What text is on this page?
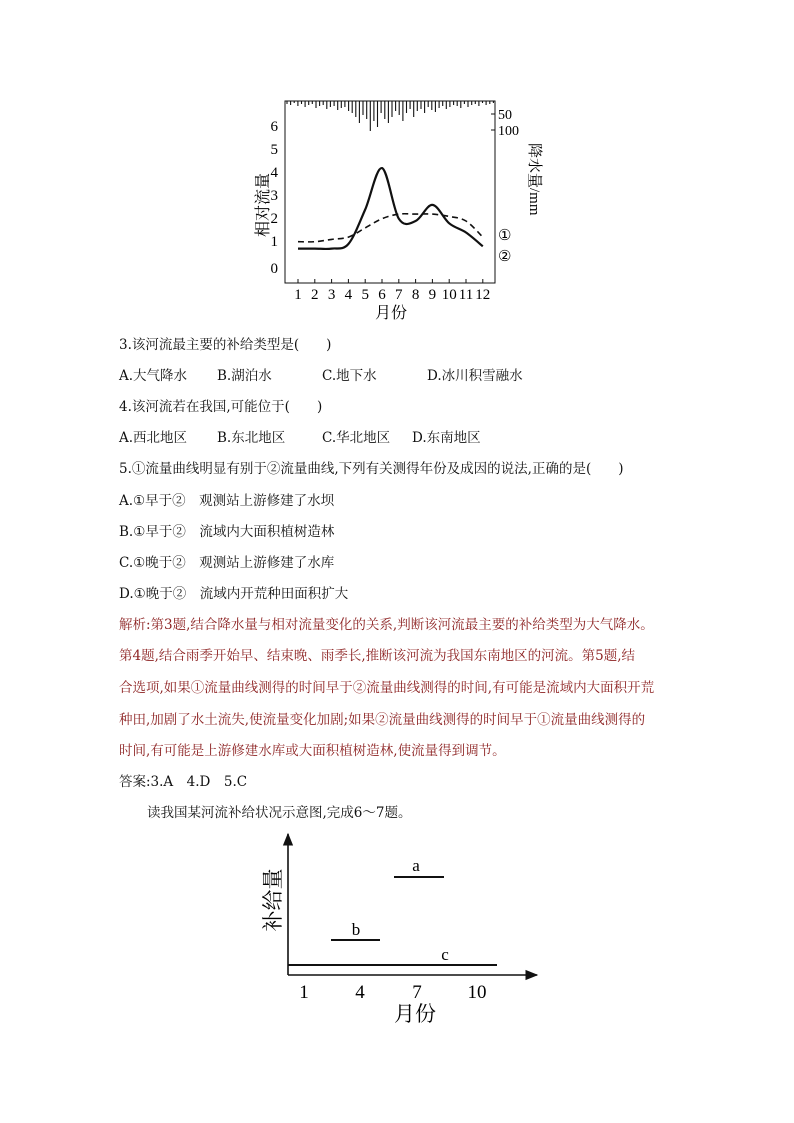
6
5
4
3
2
1
0
相对流量
50
100
降水量/mm
1 2 3 4 5 6 7 8 9 10 11 12
月份
①
②
3.该河流最主要的补给类型是(　　)
A.大气降水 B.湖泊水	C.地下水	D.冰川积雪融水
4.该河流若在我国,可能位于(　　)
A.西北地区 B.东北地区	C.华北地区 D.东南地区
5.①流量曲线明显有别于②流量曲线,下列有关测得年份及成因的说法,正确的是(　　)
A.①早于②　观测站上游修建了水坝
B.①早于②　流域内大面积植树造林
C.①晚于②　观测站上游修建了水库
D.①晚于②　流域内开荒种田面积扩大
解析:第3题,结合降水量与相对流量变化的关系,判断该河流最主要的补给类型为大气降水。
第4题,结合雨季开始早、结束晚、雨季长,推断该河流为我国东南地区的河流。第5题,结
合选项,如果①流量曲线测得的时间早于②流量曲线测得的时间,有可能是流域内大面积开荒
种田,加剧了水土流失,使流量变化加剧;如果②流量曲线测得的时间早于①流量曲线测得的
时间,有可能是上游修建水库或大面积植树造林,使流量得到调节。
答案:3.A　4.D　5.C
读我国某河流补给状况示意图,完成6～7题。
补给量
a
b
c
1 4	7 10
月份
